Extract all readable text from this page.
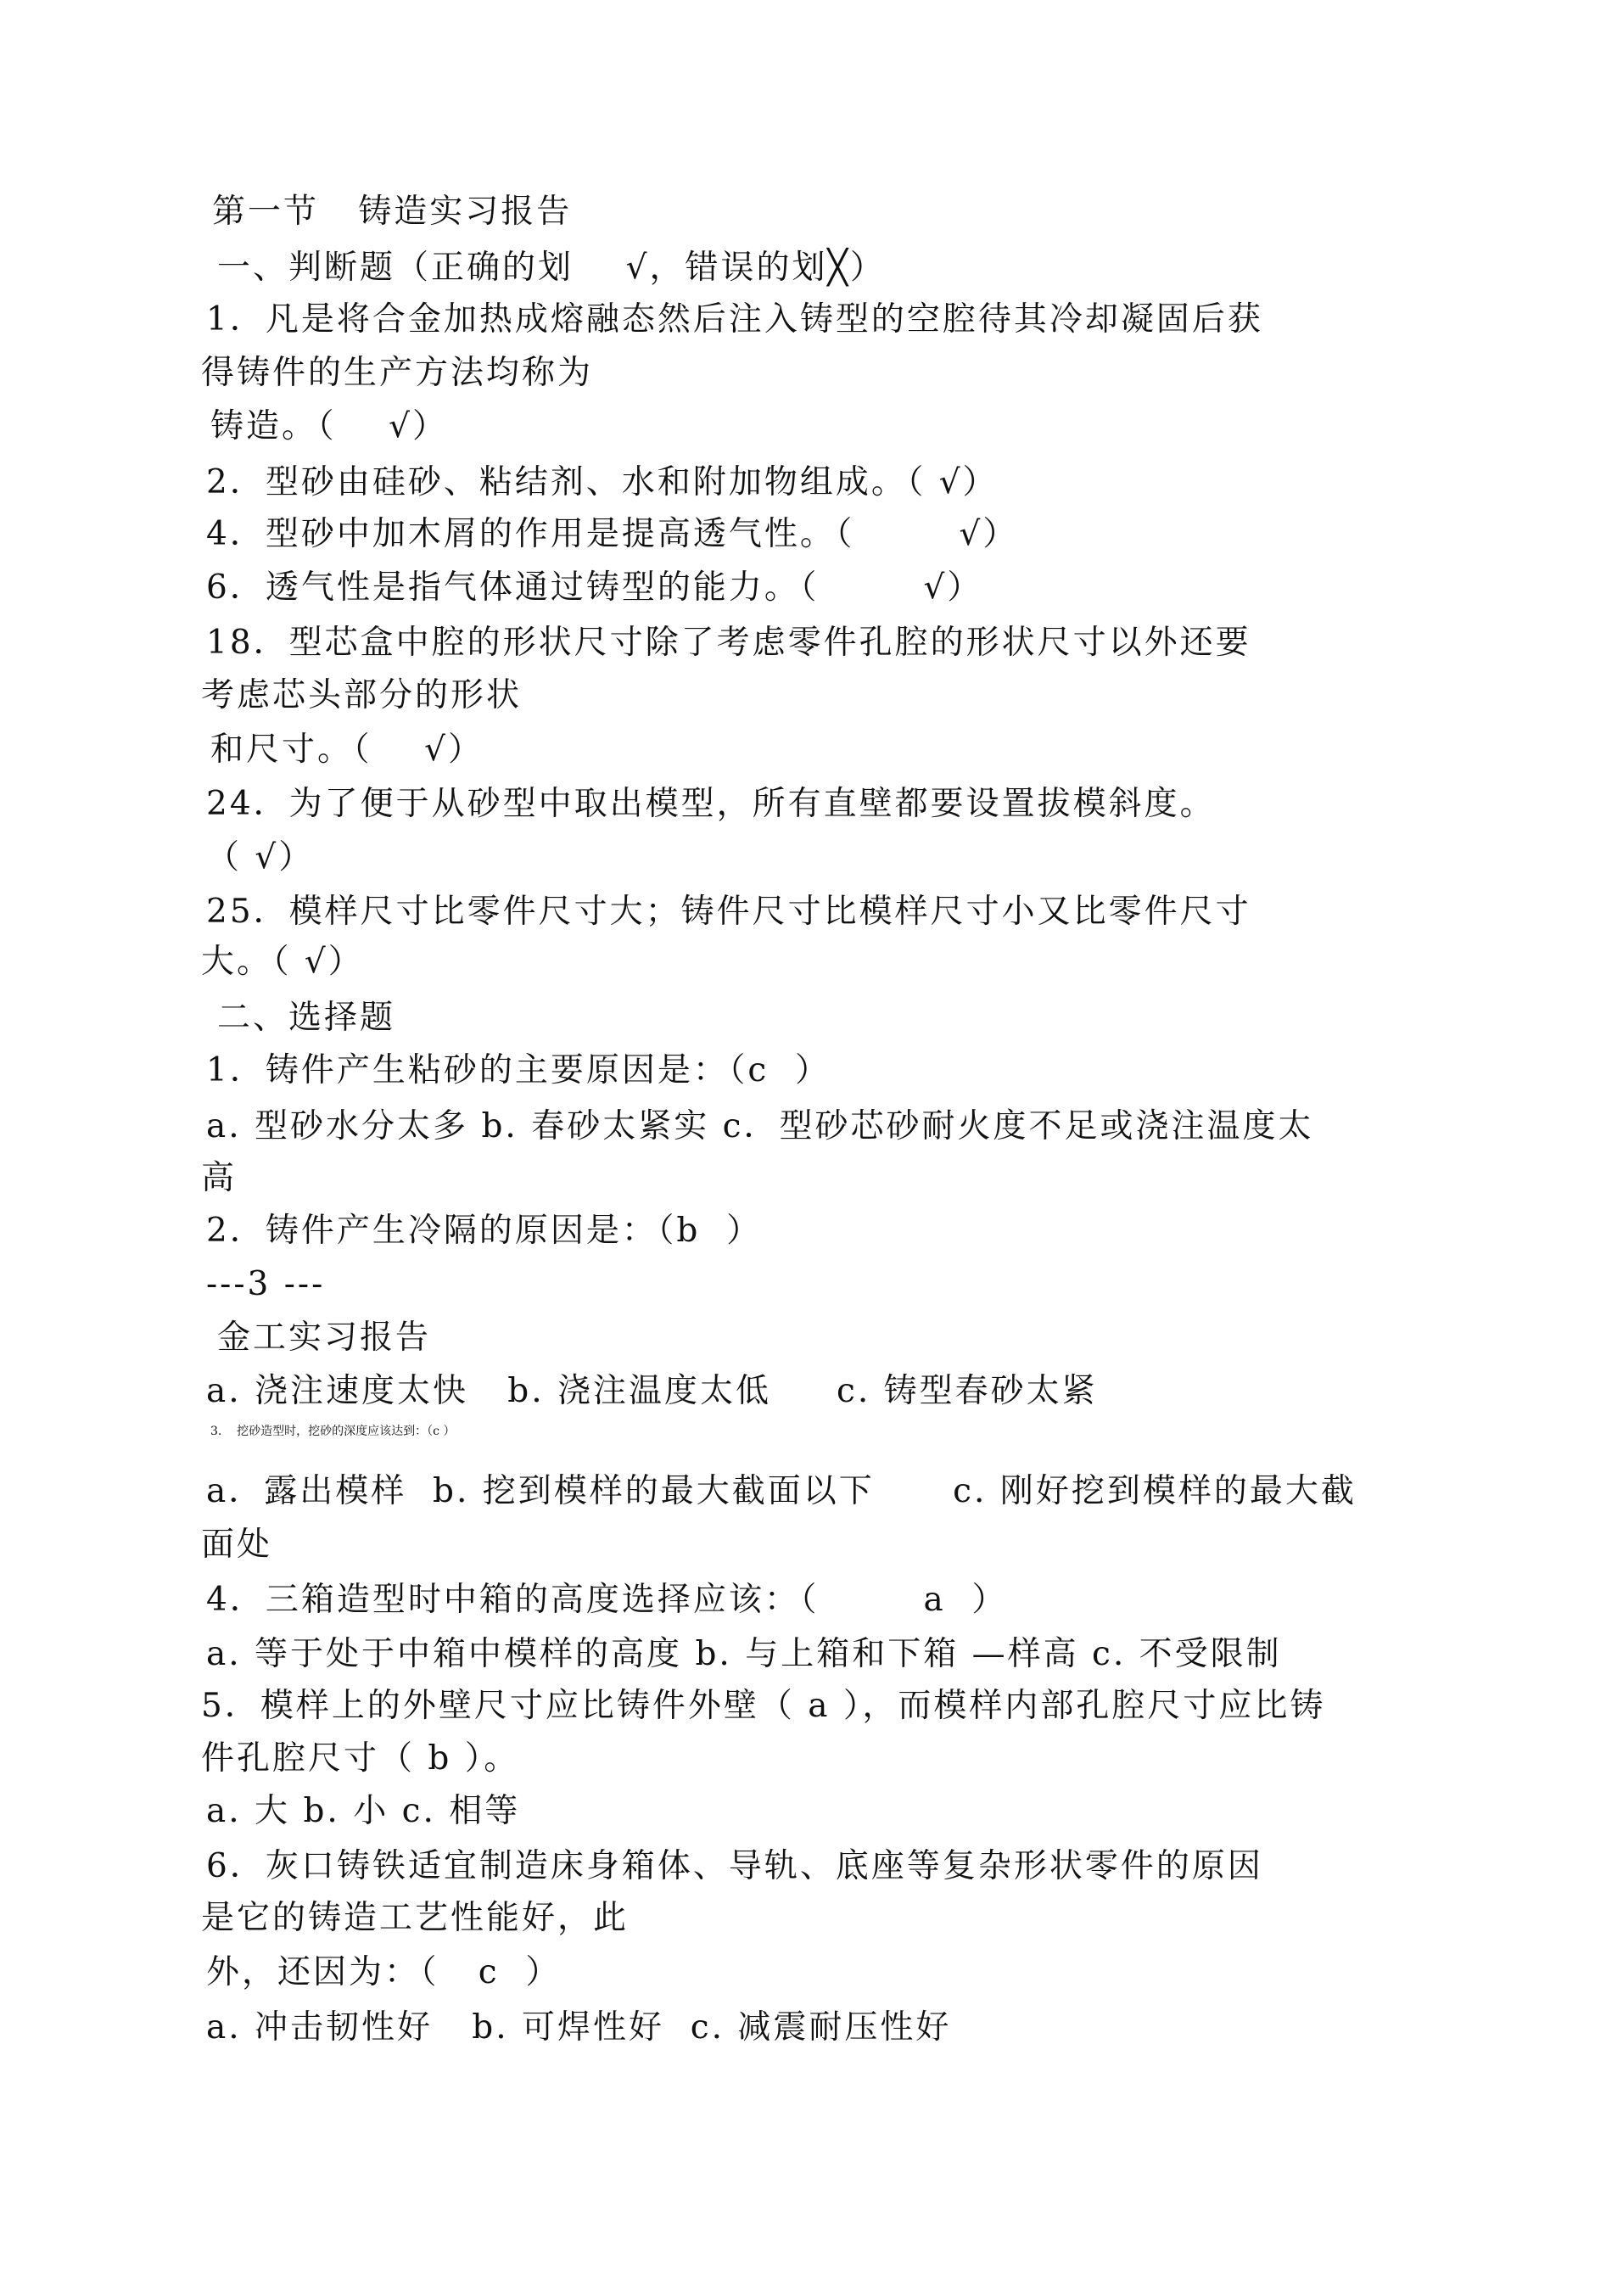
第一节   铸造实习报告
一、判断题（正确的划    √，错误的划╳）
1．凡是将合金加热成熔融态然后注入铸型的空腔待其冷却凝固后获
得铸件的生产方法均称为
铸造。（    √）
2．型砂由硅砂、粘结剂、水和附加物组成。（ √）
4．型砂中加木屑的作用是提高透气性。（        √）
6．透气性是指气体通过铸型的能力。（        √）
18．型芯盒中腔的形状尺寸除了考虑零件孔腔的形状尺寸以外还要
考虑芯头部分的形状
和尺寸。（    √）
24．为了便于从砂型中取出模型，所有直壁都要设置拔模斜度。
（ √）
25．模样尺寸比零件尺寸大；铸件尺寸比模样尺寸小又比零件尺寸
大。（ √）
二、选择题
1．铸件产生粘砂的主要原因是：（c  ）
a. 型砂水分太多 b. 春砂太紧实 c．型砂芯砂耐火度不足或浇注温度太
高
2．铸件产生冷隔的原因是：（b  ）
---3 ---
金工实习报告
a. 浇注速度太快   b. 浇注温度太低     c. 铸型春砂太紧
3.    挖砂造型时，挖砂的深度应该达到：（c ）
a．露出模样  b. 挖到模样的最大截面以下      c. 刚好挖到模样的最大截
面处
4．三箱造型时中箱的高度选择应该：（        a  ）
a. 等于处于中箱中模样的高度 b. 与上箱和下箱 —样高 c. 不受限制
5．模样上的外壁尺寸应比铸件外壁（ a ），而模样内部孔腔尺寸应比铸
件孔腔尺寸（ b ）。
a. 大 b. 小 c. 相等
6．灰口铸铁适宜制造床身箱体、导轨、底座等复杂形状零件的原因
是它的铸造工艺性能好，此
外，还因为：（   c  ）
a. 冲击韧性好   b. 可焊性好  c. 减震耐压性好
